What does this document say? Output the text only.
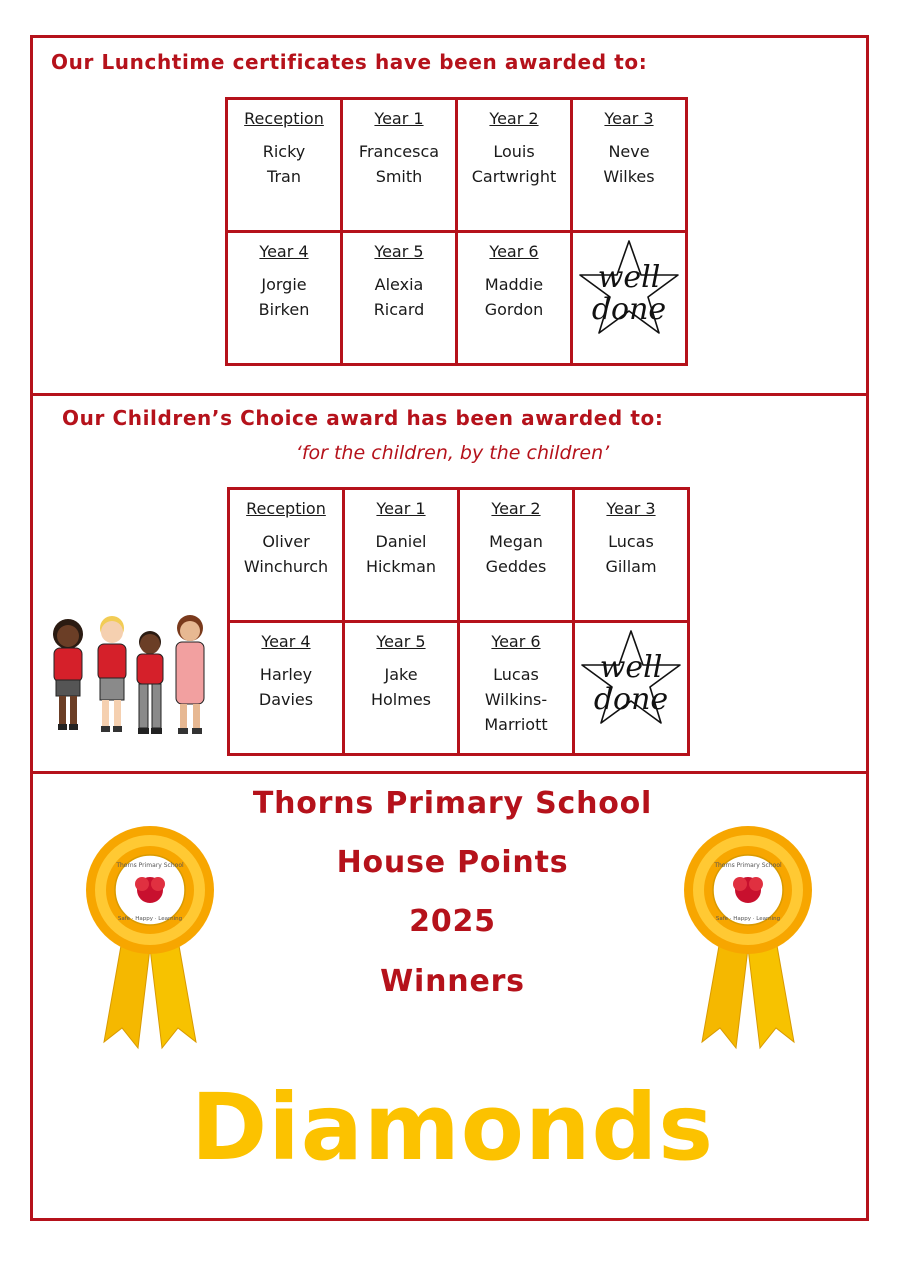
Our Lunchtime certificates have been awarded to:
Reception
Ricky
Tran	Year 1
Francesca
Smith	Year 2
Louis
Cartwright	Year 3
Neve
Wilkes

Year 4
Jorgie
Birken	Year 5
Alexia
Ricard	Year 6
Maddie
Gordon	well
done
Our Children’s Choice award has been awarded to:
‘for the children, by the children’
Reception
Oliver
Winchurch	Year 1
Daniel
Hickman	Year 2
Megan
Geddes	Year 3
Lucas
Gillam

Year 4
Harley
Davies	Year 5
Jake
Holmes	Year 6
Lucas
Wilkins-
Marriott	well
done
Thorns Primary School
House Points
2025
Winners
Thorns Primary School
Safe · Happy · Learning
Thorns Primary School
Safe · Happy · Learning
Diamonds
